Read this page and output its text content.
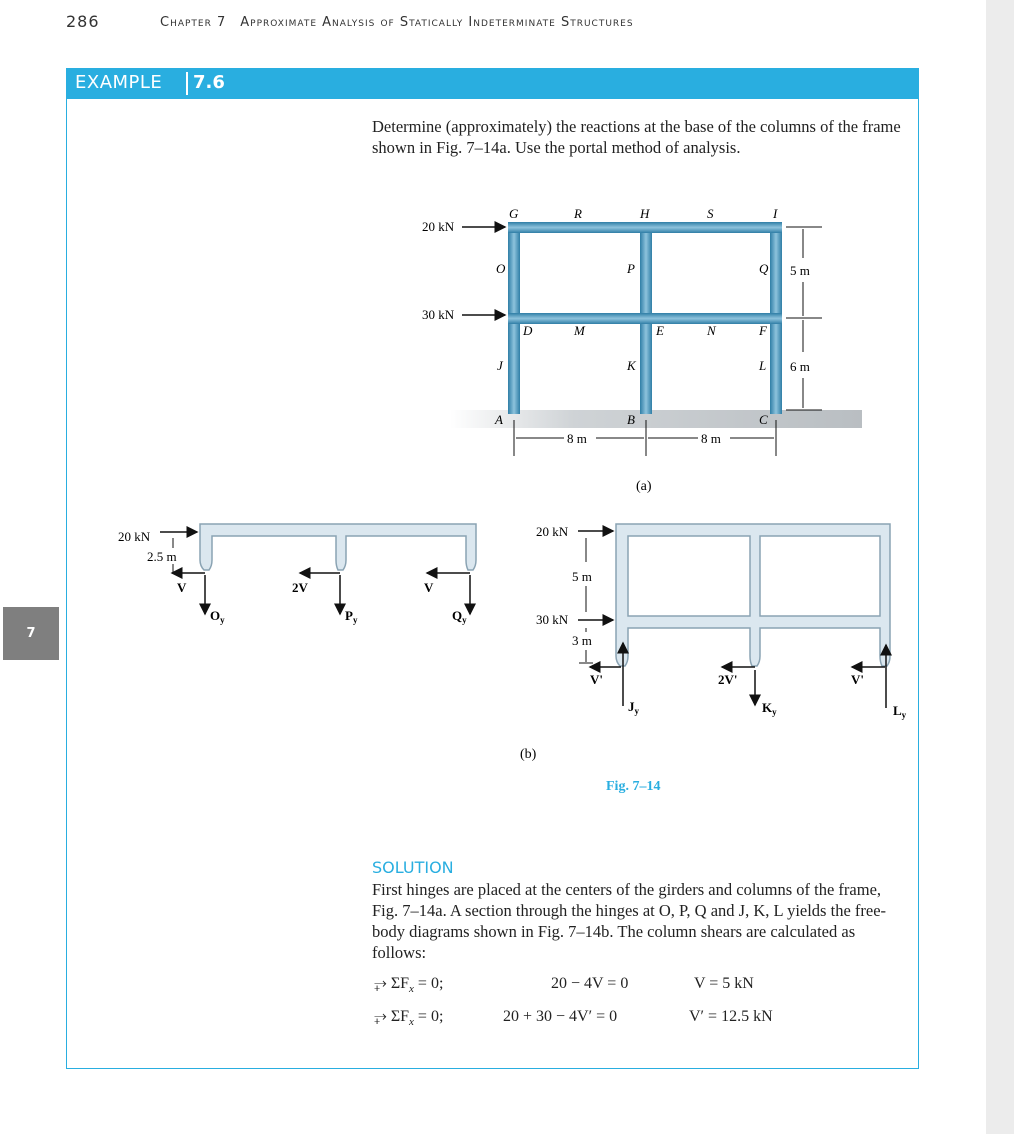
286	Chapter 7 Approximate Analysis of Statically Indeterminate Structures
7
EXAMPLE	7.6
Determine (approximately) the reactions at the base of the columns of the frame shown in Fig. 7–14a. Use the portal method of analysis.
20 kN
30 kN
G	R	H	S	I
O	P	Q
D	M	E	N	F
J	K	L
A	B	C
5 m
6 m
8 m	8 m
(a)
20 kN
2.5 m
V	2V	V
$O_y$	$P_y$	$Q_y$
20 kN
30 kN
5 m
3 m
V'	2V'	V'
$J_y$	$K_y$	$L_y$
(b)
Fig. 7–14
SOLUTION
First hinges are placed at the centers of the girders and columns of the frame, Fig. 7–14a. A section through the hinges at O, P, Q and J, K, L yields the free-body diagrams shown in Fig. 7–14b. The column shears are calculated as follows:
⥅ $\Sigma F_x = 0$;	20 − 4V = 0	V = 5 kN
⥅ $\Sigma F_x = 0$;	20 + 30 − 4V′ = 0	V′ = 12.5 kN
